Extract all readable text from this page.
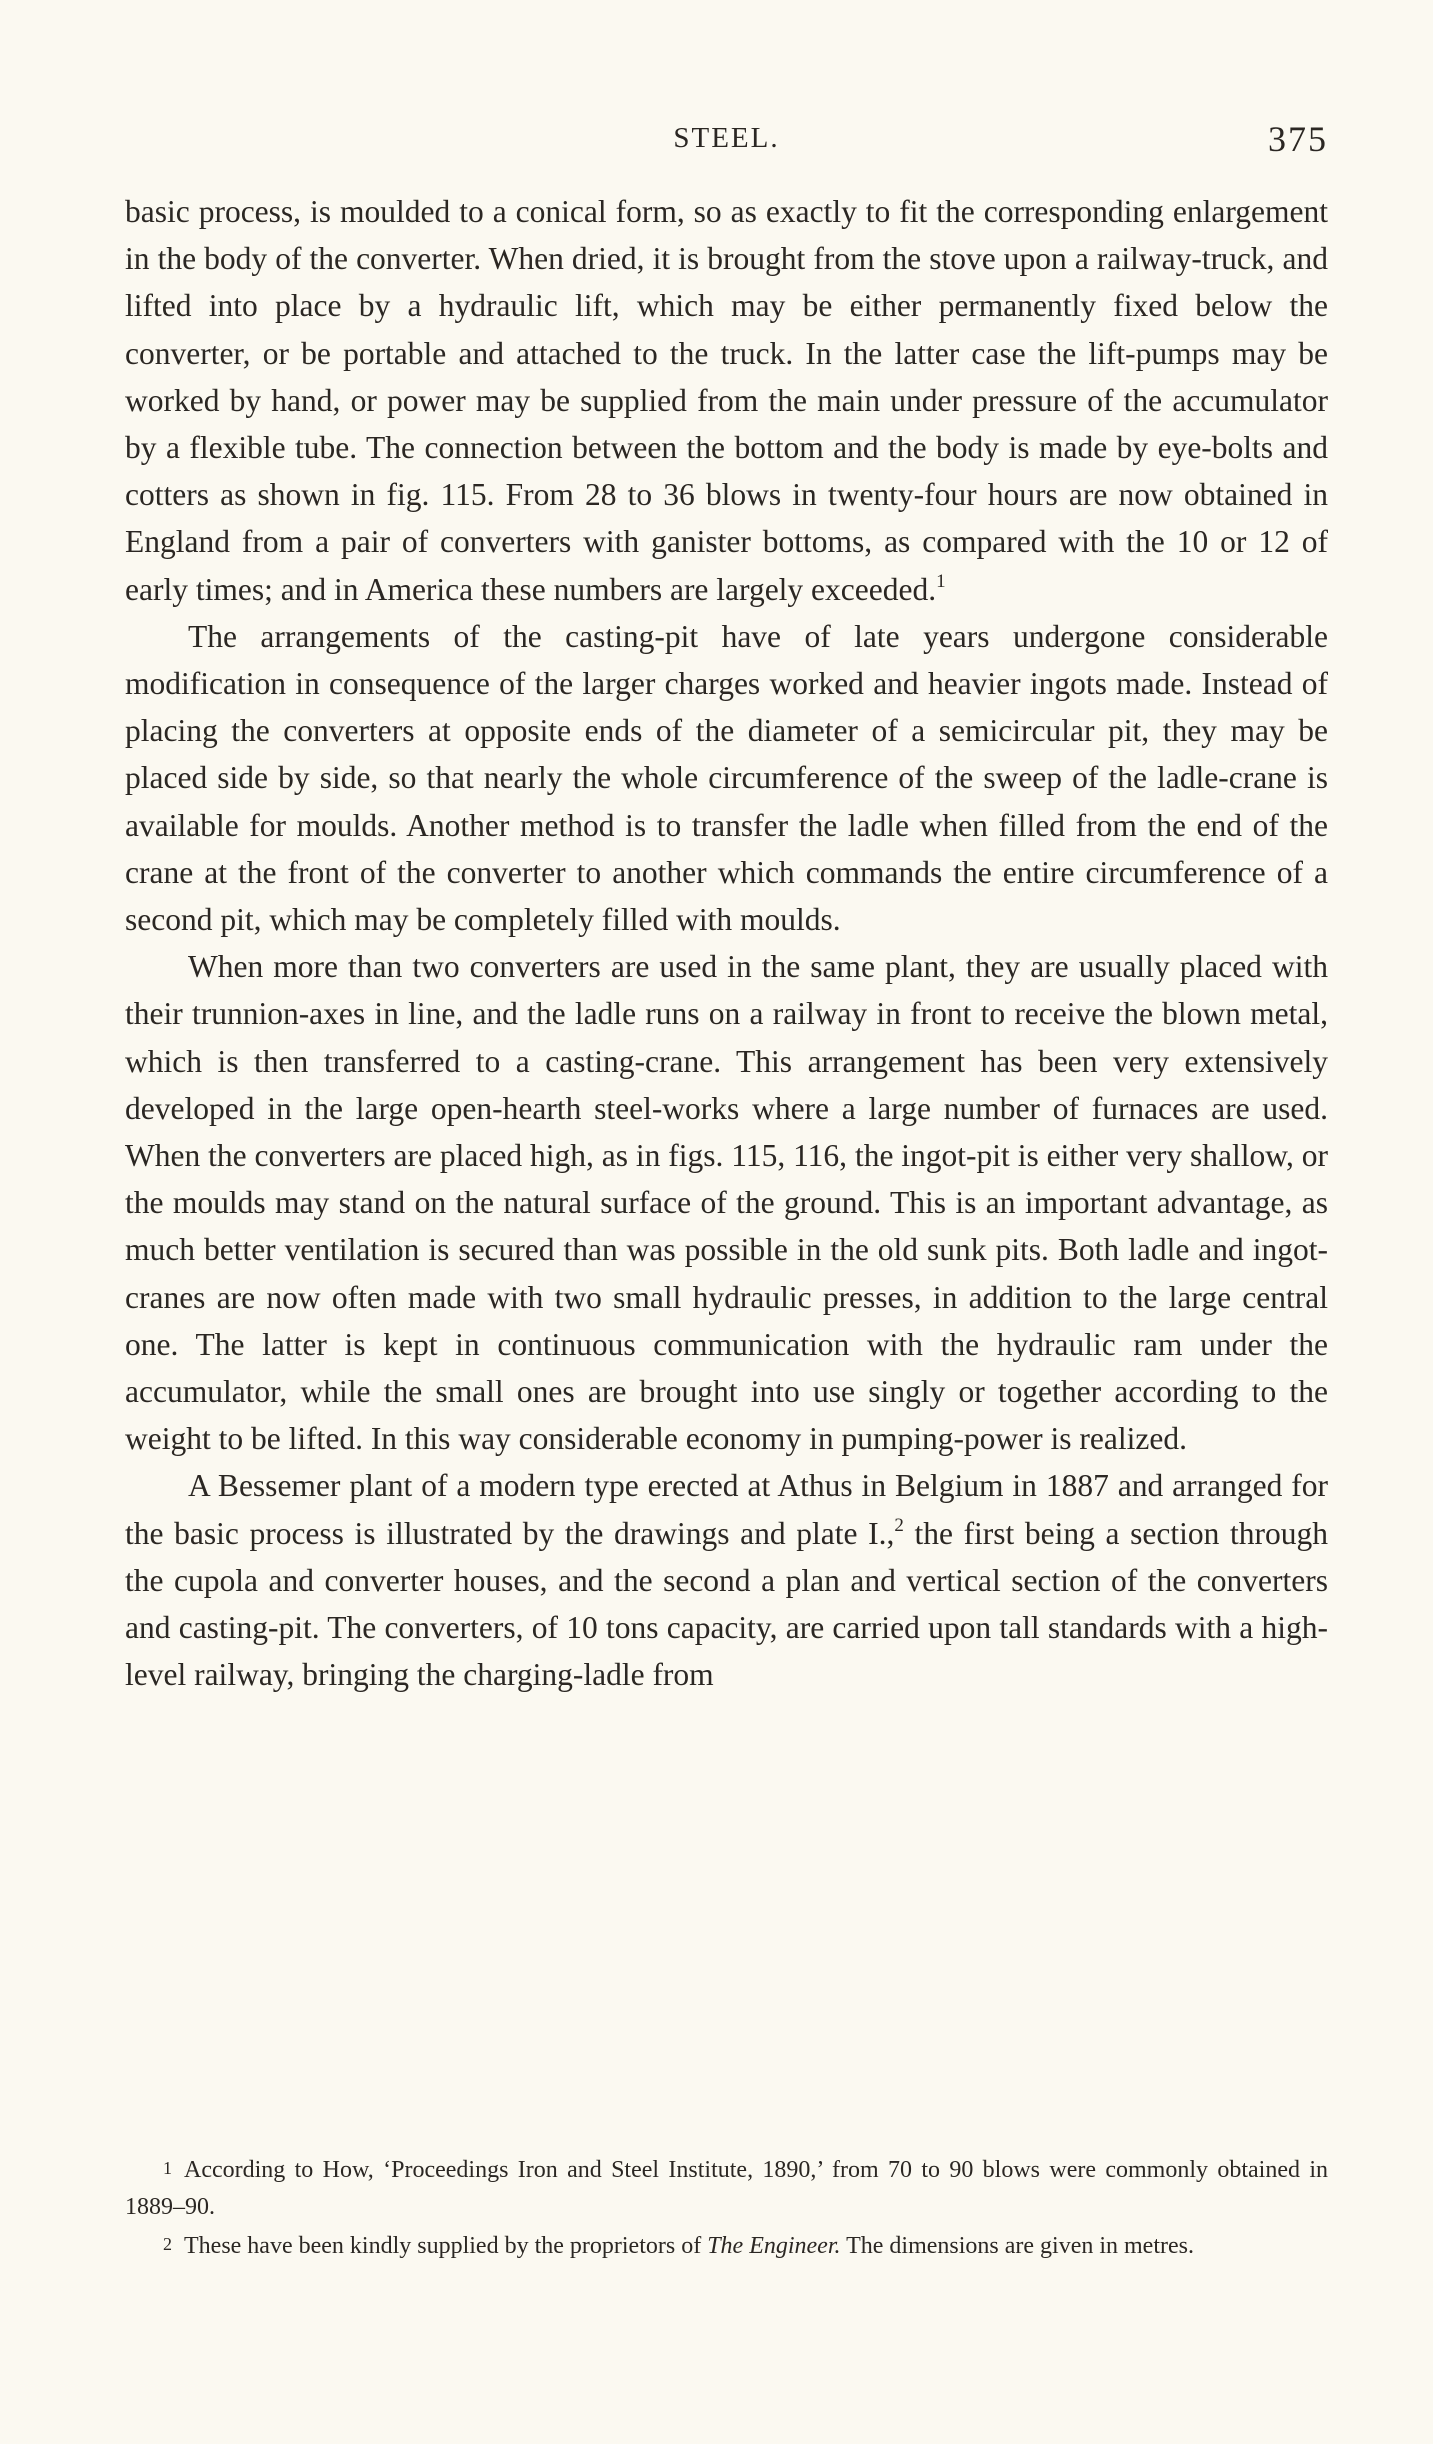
STEEL.	375

basic process, is moulded to a conical form, so as exactly to fit the corresponding enlargement in the body of the converter. When dried, it is brought from the stove upon a railway-truck, and lifted into place by a hydraulic lift, which may be either permanently fixed below the converter, or be portable and attached to the truck. In the latter case the lift-pumps may be worked by hand, or power may be supplied from the main under pressure of the accumulator by a flexible tube. The connection between the bottom and the body is made by eye-bolts and cotters as shown in fig. 115. From 28 to 36 blows in twenty-four hours are now obtained in England from a pair of converters with ganister bottoms, as compared with the 10 or 12 of early times; and in America these numbers are largely exceeded.$^1$

The arrangements of the casting-pit have of late years undergone considerable modification in consequence of the larger charges worked and heavier ingots made. Instead of placing the converters at opposite ends of the diameter of a semicircular pit, they may be placed side by side, so that nearly the whole circumference of the sweep of the ladle-crane is available for moulds. Another method is to transfer the ladle when filled from the end of the crane at the front of the converter to another which commands the entire circumference of a second pit, which may be completely filled with moulds.

When more than two converters are used in the same plant, they are usually placed with their trunnion-axes in line, and the ladle runs on a railway in front to receive the blown metal, which is then transferred to a casting-crane. This arrangement has been very extensively developed in the large open-hearth steel-works where a large number of furnaces are used. When the converters are placed high, as in figs. 115, 116, the ingot-pit is either very shallow, or the moulds may stand on the natural surface of the ground. This is an important advantage, as much better ventilation is secured than was possible in the old sunk pits. Both ladle and ingot-cranes are now often made with two small hydraulic presses, in addition to the large central one. The latter is kept in continuous communication with the hydraulic ram under the accumulator, while the small ones are brought into use singly or together according to the weight to be lifted. In this way considerable economy in pumping-power is realized.

A Bessemer plant of a modern type erected at Athus in Belgium in 1887 and arranged for the basic process is illustrated by the drawings and plate I.,$^2$ the first being a section through the cupola and converter houses, and the second a plan and vertical section of the converters and casting-pit. The converters, of 10 tons capacity, are carried upon tall standards with a high-level railway, bringing the charging-ladle from

1 According to How, ‘Proceedings Iron and Steel Institute, 1890,’ from 70 to 90 blows were commonly obtained in 1889–90.

2 These have been kindly supplied by the proprietors of The Engineer. The dimensions are given in metres.
